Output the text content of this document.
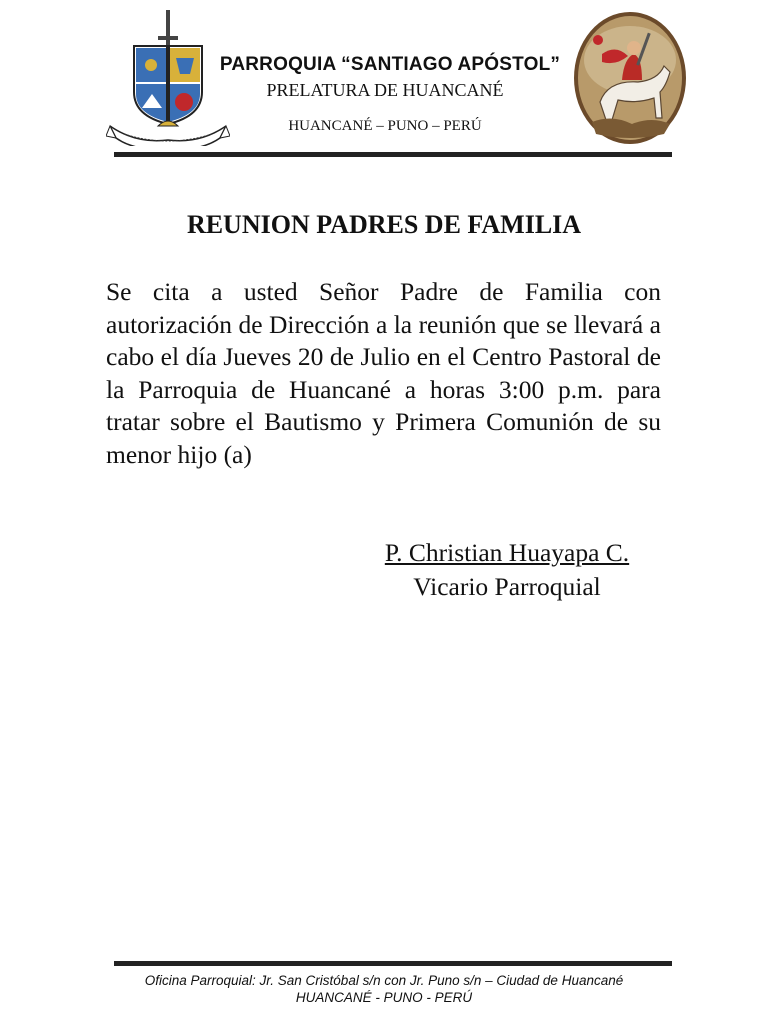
PARROQUIA “SANTIAGO APÓSTOL”
PRELATURA DE HUANCANÉ
HUANCANÉ – PUNO – PERÚ
REUNION PADRES DE FAMILIA
Se cita a usted Señor Padre de Familia con autorización de Dirección a la reunión que se llevará a cabo el día Jueves 20 de Julio en el Centro Pastoral de la Parroquia de Huancané a horas 3:00 p.m. para tratar sobre el Bautismo y Primera Comunión de su menor hijo (a)
P. Christian Huayapa C.
Vicario Parroquial
Oficina Parroquial: Jr. San Cristóbal s/n con Jr. Puno s/n – Ciudad de Huancané
HUANCANÉ - PUNO - PERÚ
